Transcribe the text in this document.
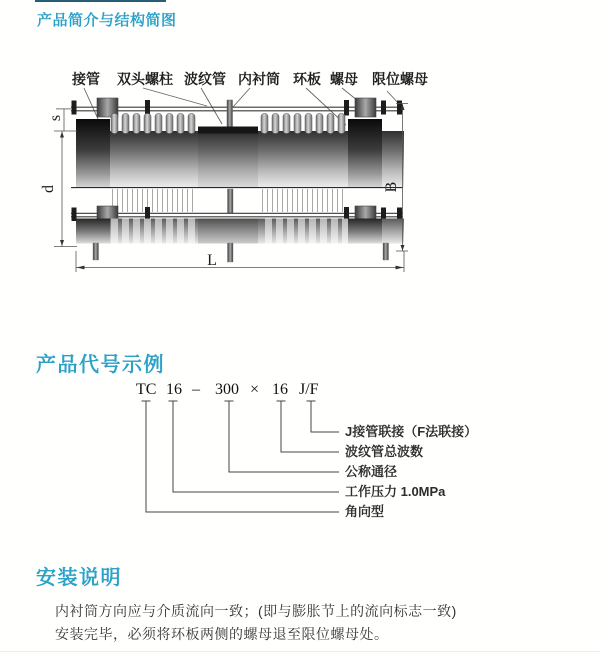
产品简介与结构简图
接管 双头螺柱 波纹管 内衬筒 环板 螺母 限位螺母
s
d	B
L
产品代号示例
TC 16 – 300 × 16 J/F
J接管联接（F法联接）
波纹管总波数
公称通径
工作压力 1.0MPa
角向型
安装说明

内衬筒方向应与介质流向一致；(即与膨胀节上的流向标志一致)

安装完毕，必须将环板两侧的螺母退至限位螺母处。
